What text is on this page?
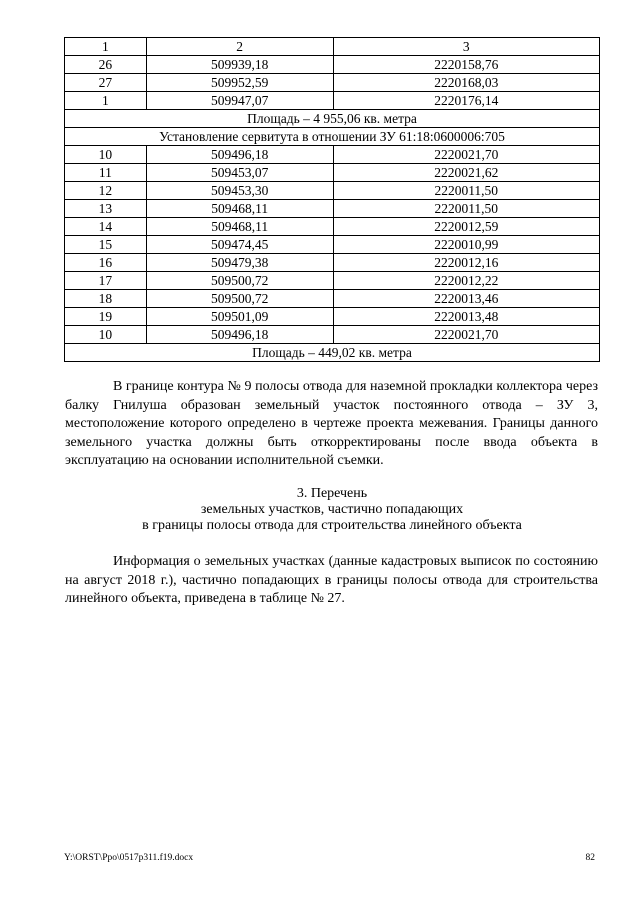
1	2	3
26	509939,18	2220158,76
27	509952,59	2220168,03
1	509947,07	2220176,14
Площадь – 4 955,06 кв. метра		
Установление сервитута в отношении ЗУ 61:18:0600006:705		
10	509496,18	2220021,70
11	509453,07	2220021,62
12	509453,30	2220011,50
13	509468,11	2220011,50
14	509468,11	2220012,59
15	509474,45	2220010,99
16	509479,38	2220012,16
17	509500,72	2220012,22
18	509500,72	2220013,46
19	509501,09	2220013,48
10	509496,18	2220021,70
Площадь – 449,02 кв. метра		
В границе контура № 9 полосы отвода для наземной прокладки коллектора через балку Гнилуша образован земельный участок постоянного отвода – ЗУ 3, местоположение которого определено в чертеже проекта межевания. Границы данного земельного участка должны быть откорректированы после ввода объекта в эксплуатацию на основании исполнительной съемки.
3. Перечень
земельных участков, частично попадающих
в границы полосы отвода для строительства линейного объекта
Информация о земельных участках (данные кадастровых выписок по состоянию на август 2018 г.), частично попадающих в границы полосы отвода для строительства линейного объекта, приведена в таблице № 27.
Y:\ORST\Ppo\0517p311.f19.docx	82
